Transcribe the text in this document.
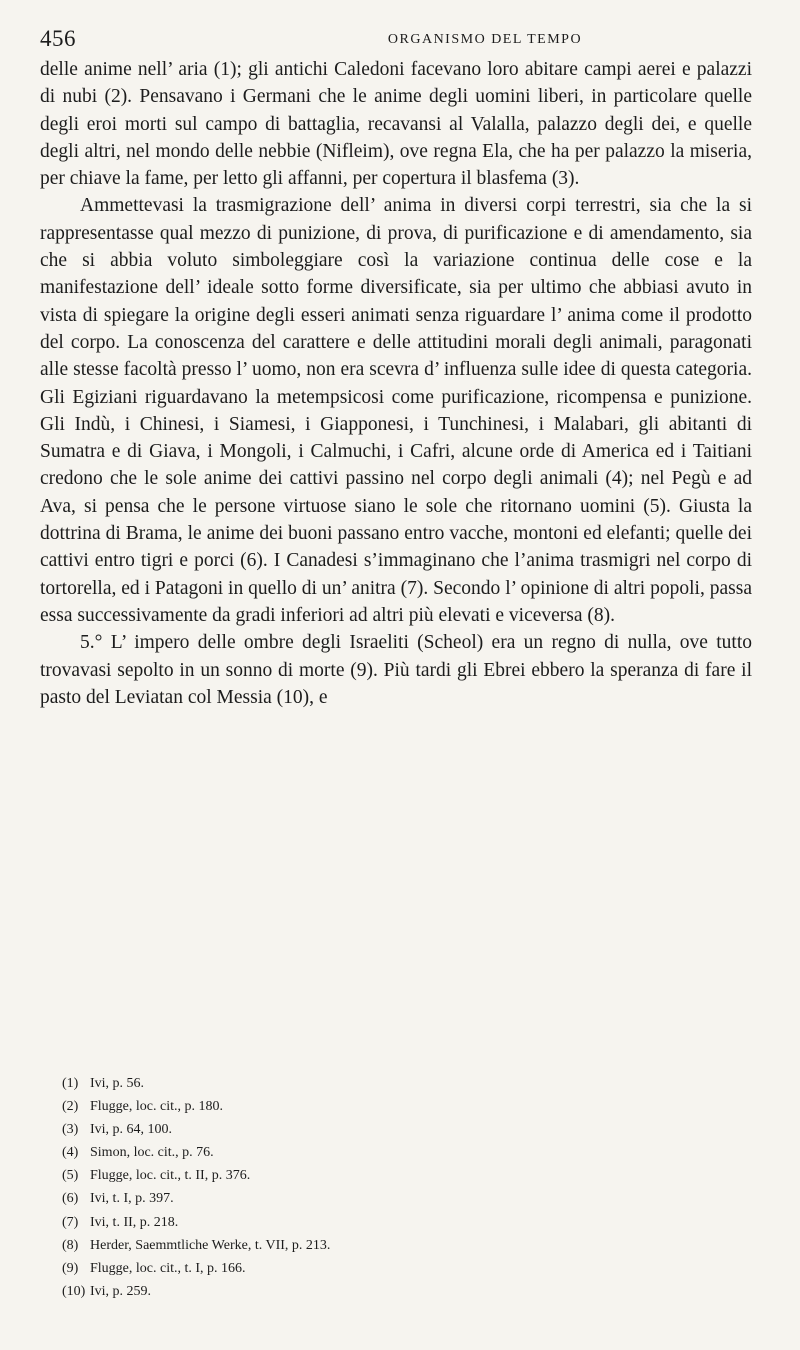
456	ORGANISMO DEL TEMPO

delle anime nell’ aria (1); gli antichi Caledoni facevano loro abitare campi aerei e palazzi di nubi (2). Pensavano i Germani che le anime degli uomini liberi, in particolare quelle degli eroi morti sul campo di battaglia, recavansi al Valalla, palazzo degli dei, e quelle degli altri, nel mondo delle nebbie (Nifleim), ove regna Ela, che ha per palazzo la miseria, per chiave la fame, per letto gli affanni, per copertura il blasfema (3).

Ammettevasi la trasmigrazione dell’ anima in diversi corpi terrestri, sia che la si rappresentasse qual mezzo di punizione, di prova, di purificazione e di amendamento, sia che si abbia voluto simboleggiare così la variazione continua delle cose e la manifestazione dell’ ideale sotto forme diversificate, sia per ultimo che abbiasi avuto in vista di spiegare la origine degli esseri animati senza riguardare l’ anima come il prodotto del corpo. La conoscenza del carattere e delle attitudini morali degli animali, paragonati alle stesse facoltà presso l’ uomo, non era scevra d’ influenza sulle idee di questa categoria. Gli Egiziani riguardavano la metempsicosi come purificazione, ricompensa e punizione. Gli Indù, i Chinesi, i Siamesi, i Giapponesi, i Tunchinesi, i Malabari, gli abitanti di Sumatra e di Giava, i Mongoli, i Calmuchi, i Cafri, alcune orde di America ed i Taitiani credono che le sole anime dei cattivi passino nel corpo degli animali (4); nel Pegù e ad Ava, si pensa che le persone virtuose siano le sole che ritornano uomini (5). Giusta la dottrina di Brama, le anime dei buoni passano entro vacche, montoni ed elefanti; quelle dei cattivi entro tigri e porci (6). I Canadesi s’immaginano che l’anima trasmigri nel corpo di tortorella, ed i Patagoni in quello di un’ anitra (7). Secondo l’ opinione di altri popoli, passa essa successivamente da gradi inferiori ad altri più elevati e viceversa (8).

5.° L’ impero delle ombre degli Israeliti (Scheol) era un regno di nulla, ove tutto trovavasi sepolto in un sonno di morte (9). Più tardi gli Ebrei ebbero la speranza di fare il pasto del Leviatan col Messia (10), e

(1) Ivi, p. 56.
(2) Flugge, loc. cit., p. 180.
(3) Ivi, p. 64, 100.
(4) Simon, loc. cit., p. 76.
(5) Flugge, loc. cit., t. II, p. 376.
(6) Ivi, t. I, p. 397.
(7) Ivi, t. II, p. 218.
(8) Herder, Saemmtliche Werke, t. VII, p. 213.
(9) Flugge, loc. cit., t. I, p. 166.
(10) Ivi, p. 259.
